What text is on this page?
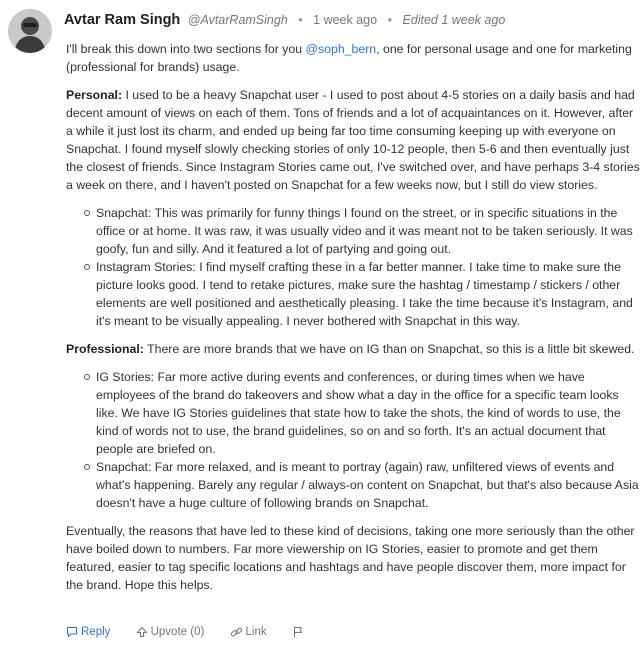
Avtar Ram Singh @AvtarRamSingh • 1 week ago • Edited 1 week ago

I'll break this down into two sections for you @soph_bern, one for personal usage and one for marketing (professional for brands) usage.

Personal: I used to be a heavy Snapchat user - I used to post about 4-5 stories on a daily basis and had decent amount of views on each of them. Tons of friends and a lot of acquaintances on it. However, after a while it just lost its charm, and ended up being far too time consuming keeping up with everyone on Snapchat. I found myself slowly checking stories of only 10-12 people, then 5-6 and then eventually just the closest of friends. Since Instagram Stories came out, I've switched over, and have perhaps 3-4 stories a week on there, and I haven't posted on Snapchat for a few weeks now, but I still do view stories.

Snapchat: This was primarily for funny things I found on the street, or in specific situations in the office or at home. It was raw, it was usually video and it was meant not to be taken seriously. It was goofy, fun and silly. And it featured a lot of partying and going out.
Instagram Stories: I find myself crafting these in a far better manner. I take time to make sure the picture looks good. I tend to retake pictures, make sure the hashtag / timestamp / stickers / other elements are well positioned and aesthetically pleasing. I take the time because it's Instagram, and it's meant to be visually appealing. I never bothered with Snapchat in this way.

Professional: There are more brands that we have on IG than on Snapchat, so this is a little bit skewed.

IG Stories: Far more active during events and conferences, or during times when we have employees of the brand do takeovers and show what a day in the office for a specific team looks like. We have IG Stories guidelines that state how to take the shots, the kind of words to use, the kind of words not to use, the brand guidelines, so on and so forth. It's an actual document that people are briefed on.
Snapchat: Far more relaxed, and is meant to portray (again) raw, unfiltered views of events and what's happening. Barely any regular / always-on content on Snapchat, but that's also because Asia doesn't have a huge culture of following brands on Snapchat.

Eventually, the reasons that have led to these kind of decisions, taking one more seriously than the other have boiled down to numbers. Far more viewership on IG Stories, easier to promote and get them featured, easier to tag specific locations and hashtags and have people discover them, more impact for the brand. Hope this helps.

Reply
	Upvote (0)
	Link
